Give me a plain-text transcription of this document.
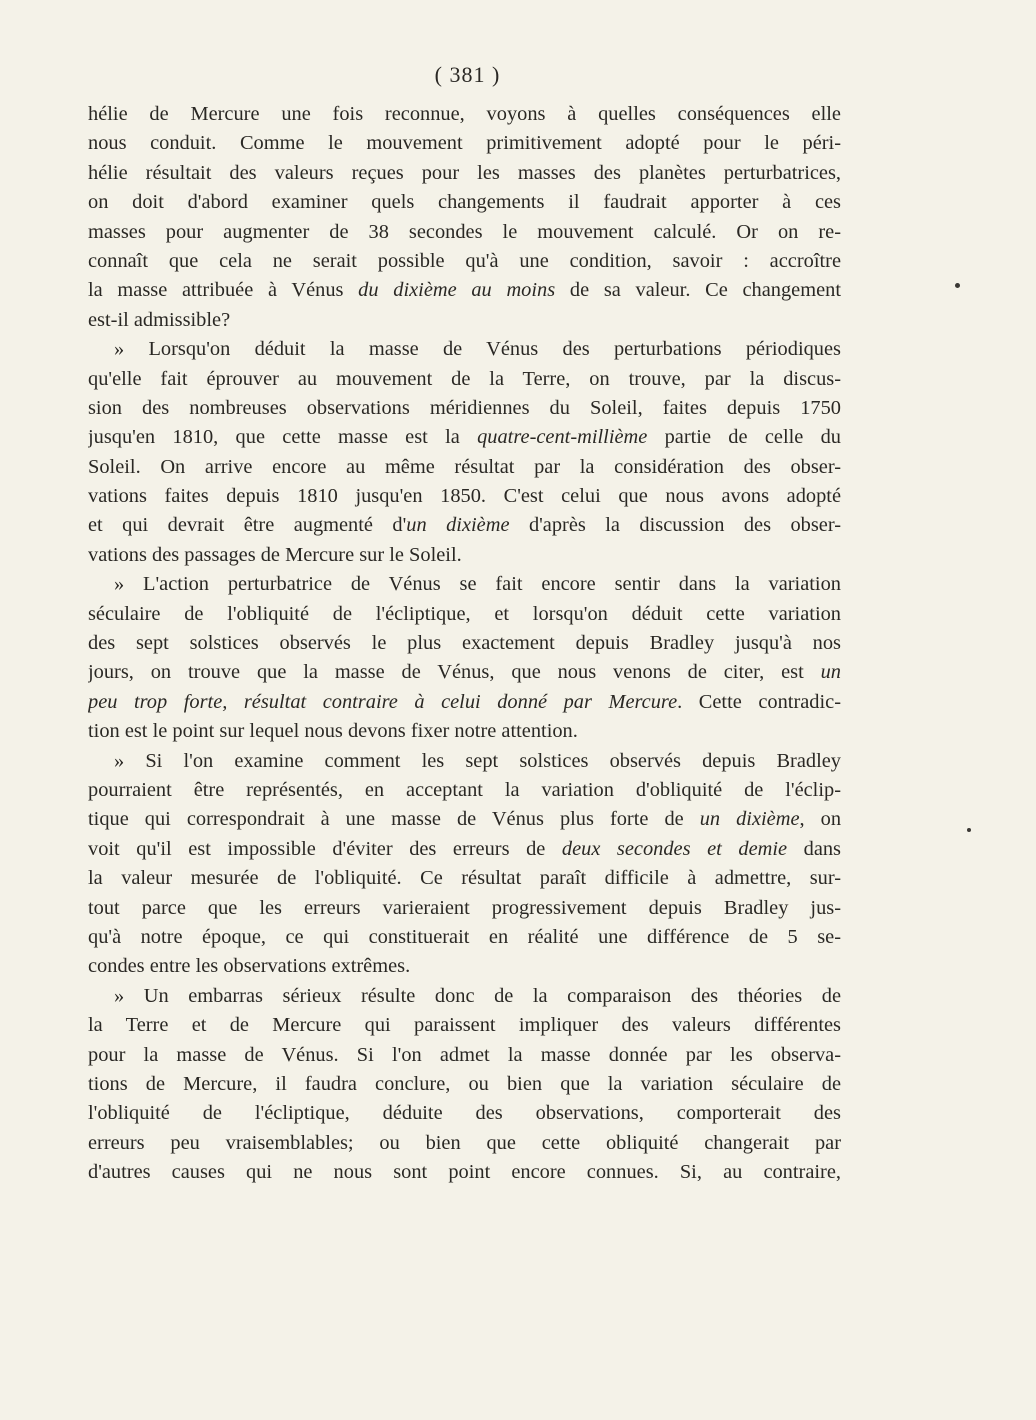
( 381 )
hélie de Mercure une fois reconnue, voyons à quelles conséquences elle
nous conduit. Comme le mouvement primitivement adopté pour le péri-
hélie résultait des valeurs reçues pour les masses des planètes perturbatrices,
on doit d'abord examiner quels changements il faudrait apporter à ces
masses pour augmenter de 38 secondes le mouvement calculé. Or on re-
connaît que cela ne serait possible qu'à une condition, savoir : accroître
la masse attribuée à Vénus du dixième au moins de sa valeur. Ce changement
est-il admissible?
» Lorsqu'on déduit la masse de Vénus des perturbations périodiques
qu'elle fait éprouver au mouvement de la Terre, on trouve, par la discus-
sion des nombreuses observations méridiennes du Soleil, faites depuis 1750
jusqu'en 1810, que cette masse est la quatre-cent-millième partie de celle du
Soleil. On arrive encore au même résultat par la considération des obser-
vations faites depuis 1810 jusqu'en 1850. C'est celui que nous avons adopté
et qui devrait être augmenté d'un dixième d'après la discussion des obser-
vations des passages de Mercure sur le Soleil.
» L'action perturbatrice de Vénus se fait encore sentir dans la variation
séculaire de l'obliquité de l'écliptique, et lorsqu'on déduit cette variation
des sept solstices observés le plus exactement depuis Bradley jusqu'à nos
jours, on trouve que la masse de Vénus, que nous venons de citer, est un
peu trop forte, résultat contraire à celui donné par Mercure. Cette contradic-
tion est le point sur lequel nous devons fixer notre attention.
» Si l'on examine comment les sept solstices observés depuis Bradley
pourraient être représentés, en acceptant la variation d'obliquité de l'éclip-
tique qui correspondrait à une masse de Vénus plus forte de un dixième, on
voit qu'il est impossible d'éviter des erreurs de deux secondes et demie dans
la valeur mesurée de l'obliquité. Ce résultat paraît difficile à admettre, sur-
tout parce que les erreurs varieraient progressivement depuis Bradley jus-
qu'à notre époque, ce qui constituerait en réalité une différence de 5 se-
condes entre les observations extrêmes.
» Un embarras sérieux résulte donc de la comparaison des théories de
la Terre et de Mercure qui paraissent impliquer des valeurs différentes
pour la masse de Vénus. Si l'on admet la masse donnée par les observa-
tions de Mercure, il faudra conclure, ou bien que la variation séculaire de
l'obliquité de l'écliptique, déduite des observations, comporterait des
erreurs peu vraisemblables; ou bien que cette obliquité changerait par
d'autres causes qui ne nous sont point encore connues. Si, au contraire,
